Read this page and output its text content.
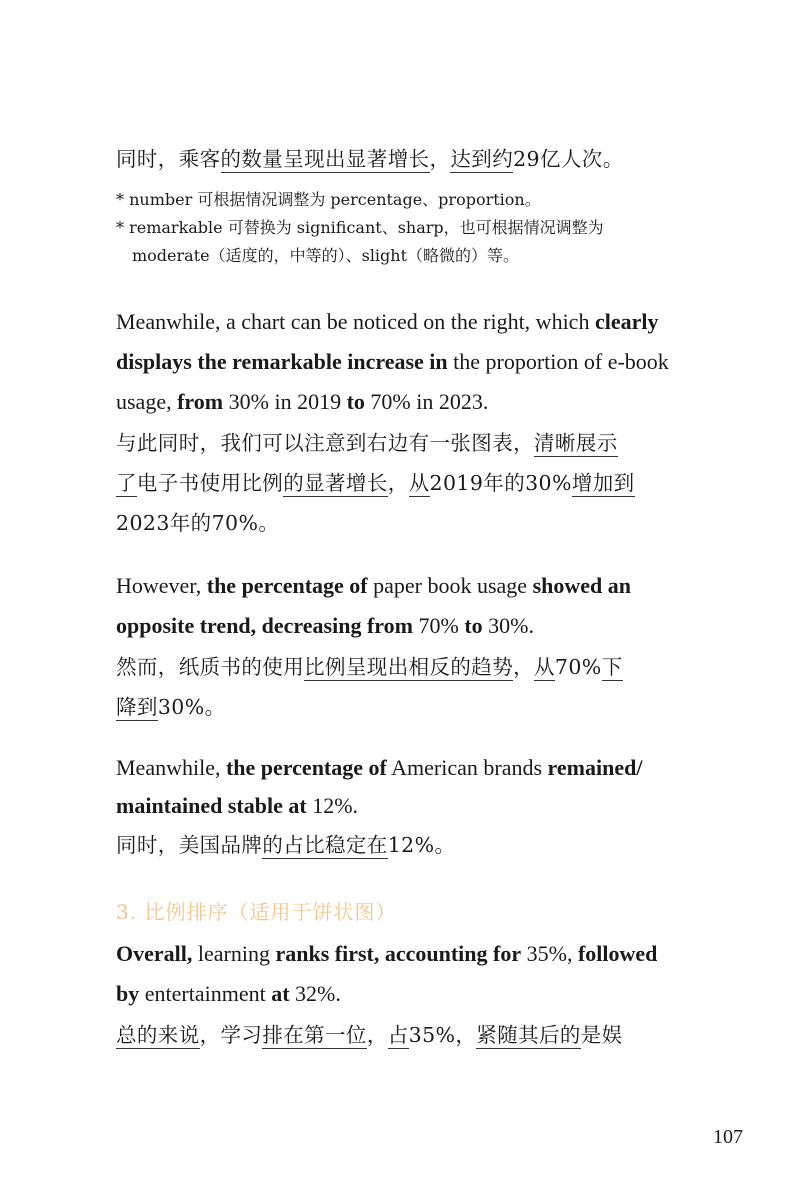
同时，乘客的数量呈现出显著增长，达到约29亿人次。
* number 可根据情况调整为 percentage、proportion。
* remarkable 可替换为 significant、sharp，也可根据情况调整为
moderate（适度的，中等的）、slight（略微的）等。
Meanwhile, a chart can be noticed on the right, which clearly
displays the remarkable increase in the proportion of e-book
usage, from 30% in 2019 to 70% in 2023.
与此同时，我们可以注意到右边有一张图表，清晰展示
了电子书使用比例的显著增长，从2019年的30%增加到
2023年的70%。
However, the percentage of paper book usage showed an
opposite trend, decreasing from 70% to 30%.
然而，纸质书的使用比例呈现出相反的趋势，从70%下
降到30%。
Meanwhile, the percentage of American brands remained/
maintained stable at 12%.
同时，美国品牌的占比稳定在12%。
3. 比例排序（适用于饼状图）
Overall, learning ranks first, accounting for 35%, followed
by entertainment at 32%.
总的来说，学习排在第一位，占35%，紧随其后的是娱
107
